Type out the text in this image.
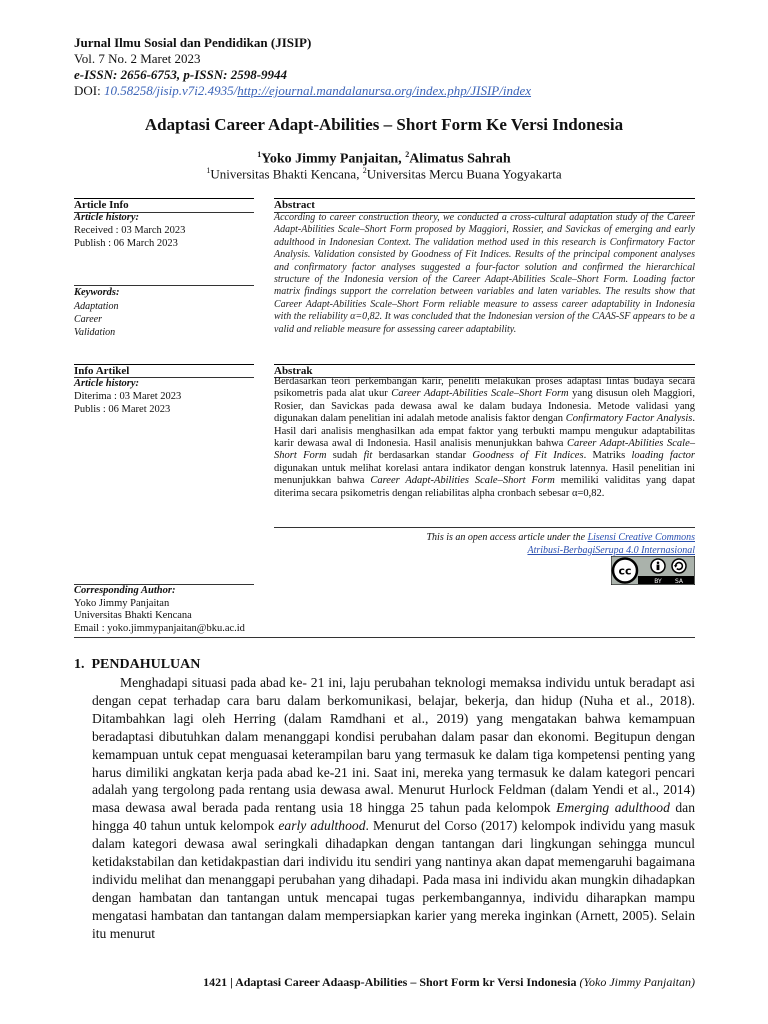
Jurnal Ilmu Sosial dan Pendidikan (JISIP)
Vol. 7 No. 2 Maret 2023
e-ISSN: 2656-6753, p-ISSN: 2598-9944
DOI: 10.58258/jisip.v7i2.4935/http://ejournal.mandalanursa.org/index.php/JISIP/index
Adaptasi Career Adapt-Abilities – Short Form Ke Versi Indonesia
$^1$Yoko Jimmy Panjaitan, $^2$Alimatus Sahrah
$^1$Universitas Bhakti Kencana, $^2$Universitas Mercu Buana Yogyakarta
Article Info	Abstract
Article history:
Received : 03 March 2023
Publish : 06 March 2023
Keywords:
Adaptation
Career
Validation
According to career construction theory, we conducted a cross-cultural adaptation study of the Career Adapt-Abilities Scale–Short Form proposed by Maggiori, Rossier, and Savickas of emerging and early adulthood in Indonesian Context. The validation method used in this research is Confirmatory Factor Analysis. Validation consisted by Goodness of Fit Indices. Results of the principal component analyses and confirmatory factor analyses suggested a four-factor solution and confirmed the hierarchical structure of the Indonesia version of the Career Adapt-Abilities Scale–Short Form. Loading factor matrix findings support the correlation between variables and laten variables. The results show that Career Adapt-Abilities Scale–Short Form reliable measure to assess career adaptability in Indonesia with the reliability α=0,82. It was concluded that the Indonesian version of the CAAS-SF appears to be a valid and reliable measure for assessing career adaptability.
Info Artikel	Abstrak
Article history:
Diterima : 03 Maret 2023
Publis : 06 Maret 2023
Berdasarkan teori perkembangan karir, peneliti melakukan proses adaptasi lintas budaya secara psikometris pada alat ukur Career Adapt-Abilities Scale–Short Form yang disusun oleh Maggiori, Rosier, dan Savickas pada dewasa awal ke dalam budaya Indonesia. Metode validasi yang digunakan dalam penelitian ini adalah metode analisis faktor dengan Confirmatory Factor Analysis. Hasil dari analisis menghasilkan ada empat faktor yang terbukti mampu mengukur adaptabilitas karir dewasa awal di Indonesia. Hasil analisis menunjukkan bahwa Career Adapt-Abilities Scale–Short Form sudah fit berdasarkan standar Goodness of Fit Indices. Matriks loading factor digunakan untuk melihat korelasi antara indikator dengan konstruk latennya. Hasil penelitian ini menunjukkan bahwa Career Adapt-Abilities Scale–Short Form memiliki validitas yang dapat diterima secara psikometris dengan reliabilitas alpha cronbach sebesar α=0,82.
This is an open access article under the Lisensi Creative Commons
Atribusi-BerbagiSerupa 4.0 Internasional
cc
BY SA
Corresponding Author:
Yoko Jimmy Panjaitan
Universitas Bhakti Kencana
Email : yoko.jimmypanjaitan@bku.ac.id
1. PENDAHULUAN
Menghadapi situasi pada abad ke- 21 ini, laju perubahan teknologi memaksa individu untuk beradapt asi dengan cepat terhadap cara baru dalam berkomunikasi, belajar, bekerja, dan hidup (Nuha et al., 2018). Ditambahkan lagi oleh Herring (dalam Ramdhani et al., 2019) yang mengatakan bahwa kemampuan beradaptasi dibutuhkan dalam menanggapi kondisi perubahan dalam pasar dan ekonomi. Begitupun dengan kemampuan untuk cepat menguasai keterampilan baru yang termasuk ke dalam tiga kompetensi penting yang harus dimiliki angkatan kerja pada abad ke-21 ini. Saat ini, mereka yang termasuk ke dalam kategori pencari adalah yang tergolong pada rentang usia dewasa awal. Menurut Hurlock Feldman (dalam Yendi et al., 2014) masa dewasa awal berada pada rentang usia 18 hingga 25 tahun pada kelompok Emerging adulthood dan hingga 40 tahun untuk kelompok early adulthood. Menurut del Corso (2017) kelompok individu yang masuk dalam kategori dewasa awal seringkali dihadapkan dengan tantangan dari lingkungan sehingga muncul ketidakstabilan dan ketidakpastian dari individu itu sendiri yang nantinya akan dapat memengaruhi bagaimana individu melihat dan menanggapi perubahan yang dihadapi. Pada masa ini individu akan mungkin dihadapkan dengan hambatan dan tantangan untuk mencapai tugas perkembangannya, individu diharapkan mampu mengatasi hambatan dan tantangan dalam mempersiapkan karier yang mereka inginkan (Arnett, 2005). Selain itu menurut
1421 | Adaptasi Career Adaasp-Abilities – Short Form kr Versi Indonesia (Yoko Jimmy Panjaitan)
